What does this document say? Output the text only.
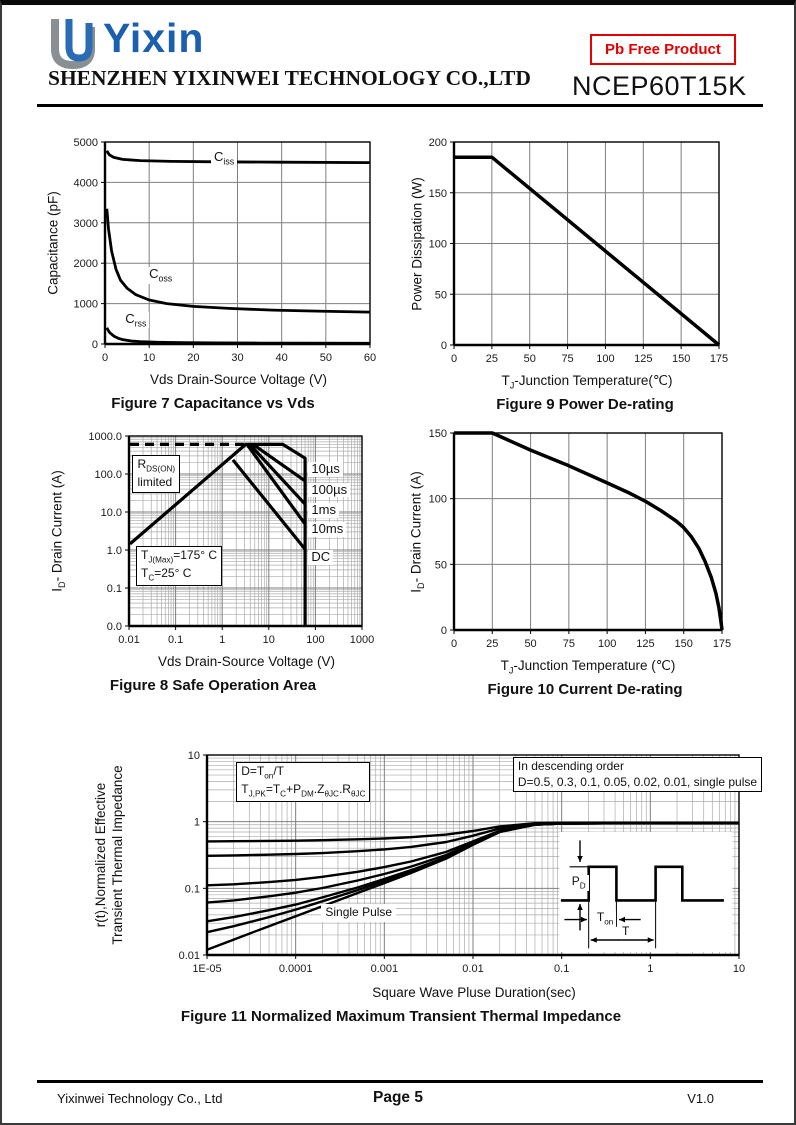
Yixin	Pb Free Product
SHENZHEN YIXINWEI TECHNOLOGY CO.,LTD NCEP60T15K
0	10	20	30	40	50	60
0
1000
2000
3000
4000
5000
Capacitance (pF)
Vds Drain-Source Voltage (V)
$C_{iss}$
$C_{oss}$
$C_{rss}$
Figure 7 Capacitance vs Vds
0	25 50 75 100 125 150 175
0
50
100
150
200
Power Dissipation (W)
$T_J$-Junction Temperature(℃)
Figure 9 Power De-rating
0.01	0.1	1	10	100 1000
1000.0
100.0
10.0
1.0
0.1
0.0
$I_D-$ Drain Current (A)
Vds Drain-Source Voltage (V)
$R_{DS(ON)}$
limited
$T_{J(Max)}=175^\circ$ C
$T_C=25^\circ$ C
10µs
100µs
1ms
10ms
DC
Figure 8 Safe Operation Area
0	25 50 75 100 125 150 175
0
50
100
150
$I_D-$ Drain Current (A)
$T_J$-Junction Temperature (℃)
Figure 10 Current De-rating
$P_D$
$T_{on}$
T
1E-05	0.0001	0.001	0.01	0.1	1	10
10
1
0.1
0.01
r(t),Normalized Effective Transient Thermal Impedance
Square Wave Pluse Duration(sec)
$D=T_{on}/T$
$T_{J,PK}=T_C+P_{DM}.Z_{\theta JC}.R_{\theta JC}$
In descending order
D=0.5, 0.3, 0.1, 0.05, 0.02, 0.01, single pulse
Single Pulse
Figure 11 Normalized Maximum Transient Thermal Impedance
Yixinwei Technology Co., Ltd	Page 5	V1.0
